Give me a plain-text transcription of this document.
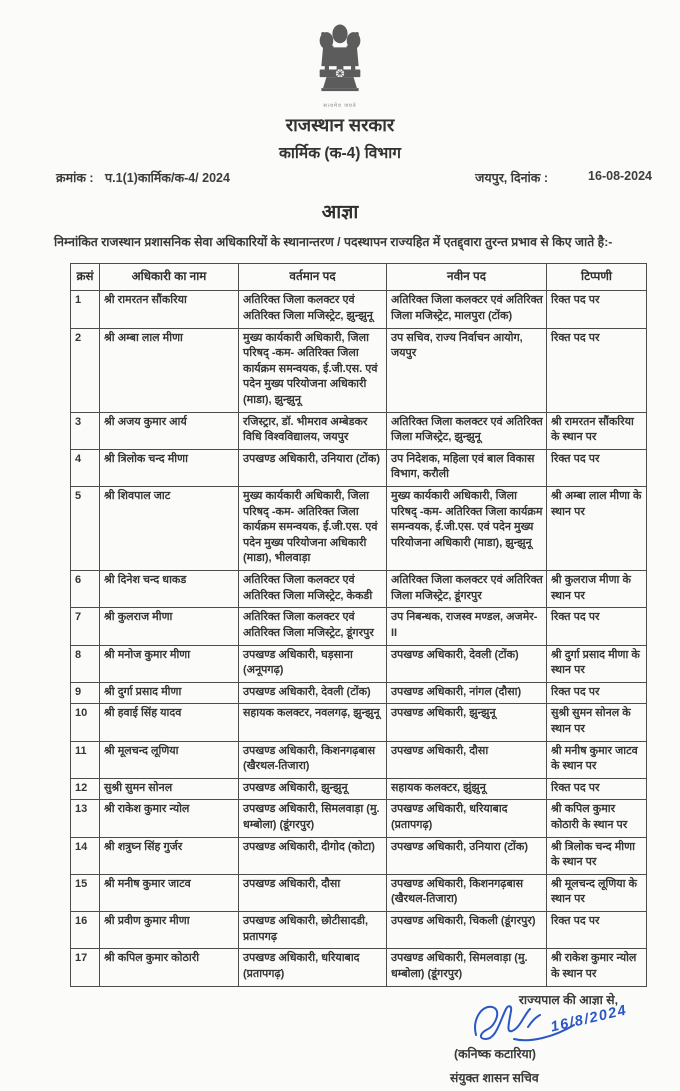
सत्यमेव जयते
राजस्थान सरकार
कार्मिक (क-4) विभाग
क्रमांक : प.1(1)कार्मिक/क-4/ 2024	जयपुर, दिनांक :	16-08-2024
आज्ञा
निम्नांकित राजस्थान प्रशासनिक सेवा अधिकारियों के स्थानान्तरण / पदस्थापन राज्यहित में एतद्द्वारा तुरन्त प्रभाव से किए जाते है:-
क्रसं	अधिकारी का नाम	वर्तमान पद	नवीन पद	टिप्पणी
1	श्री रामरतन सौंकरिया	अतिरिक्त जिला कलक्टर एवं अतिरिक्त जिला मजिस्ट्रेट, झुन्झुनू	अतिरिक्त जिला कलक्टर एवं अतिरिक्त जिला मजिस्ट्रेट, मालपुरा (टोंक)	रिक्त पद पर
2	श्री अम्बा लाल मीणा	मुख्य कार्यकारी अधिकारी, जिला परिषद् -कम- अतिरिक्त जिला कार्यक्रम समन्वयक, ई.जी.एस. एवं पदेन मुख्य परियोजना अधिकारी (माडा), झुन्झुनू	उप सचिव, राज्य निर्वाचन आयोग, जयपुर	रिक्त पद पर
3	श्री अजय कुमार आर्य	रजिस्ट्रार, डॉ. भीमराव अम्बेडकर विधि विश्वविद्यालय, जयपुर	अतिरिक्त जिला कलक्टर एवं अतिरिक्त जिला मजिस्ट्रेट, झुन्झुनू	श्री रामरतन सौंकरिया के स्थान पर
4	श्री त्रिलोक चन्द मीणा	उपखण्ड अधिकारी, उनियारा (टोंक)	उप निदेशक, महिला एवं बाल विकास विभाग, करौली	रिक्त पद पर
5	श्री शिवपाल जाट	मुख्य कार्यकारी अधिकारी, जिला परिषद् -कम- अतिरिक्त जिला कार्यक्रम समन्वयक, ई.जी.एस. एवं पदेन मुख्य परियोजना अधिकारी (माडा), भीलवाड़ा	मुख्य कार्यकारी अधिकारी, जिला परिषद् -कम- अतिरिक्त जिला कार्यक्रम समन्वयक, ई.जी.एस. एवं पदेन मुख्य परियोजना अधिकारी (माडा), झुन्झुनू	श्री अम्बा लाल मीणा के स्थान पर
6	श्री दिनेश चन्द धाकड	अतिरिक्त जिला कलक्टर एवं अतिरिक्त जिला मजिस्ट्रेट, केकडी	अतिरिक्त जिला कलक्टर एवं अतिरिक्त जिला मजिस्ट्रेट, डूंगरपुर	श्री कुलराज मीणा के स्थान पर
7	श्री कुलराज मीणा	अतिरिक्त जिला कलक्टर एवं अतिरिक्त जिला मजिस्ट्रेट, डूंगरपुर	उप निबन्धक, राजस्व मण्डल, अजमेर-II	रिक्त पद पर
8	श्री मनोज कुमार मीणा	उपखण्ड अधिकारी, घड़साना (अनूपगढ़)	उपखण्ड अधिकारी, देवली (टोंक)	श्री दुर्गा प्रसाद मीणा के स्थान पर
9	श्री दुर्गा प्रसाद मीणा	उपखण्ड अधिकारी, देवली (टोंक)	उपखण्ड अधिकारी, नांगल (दौसा)	रिक्त पद पर
10	श्री हवाई सिंह यादव	सहायक कलक्टर, नवलगढ़, झुन्झुनू	उपखण्ड अधिकारी, झुन्झुनू	सुश्री सुमन सोनल के स्थान पर
11	श्री मूलचन्द लूणिया	उपखण्ड अधिकारी, किशनगढ़बास (खैरथल-तिजारा)	उपखण्ड अधिकारी, दौसा	श्री मनीष कुमार जाटव के स्थान पर
12	सुश्री सुमन सोनल	उपखण्ड अधिकारी, झुन्झुनू	सहायक कलक्टर, झुंझुनू	रिक्त पद पर
13	श्री राकेश कुमार न्योल	उपखण्ड अधिकारी, सिमलवाड़ा (मु. धम्बोला) (डूंगरपुर)	उपखण्ड अधिकारी, धरियाबाद (प्रतापगढ़)	श्री कपिल कुमार कोठारी के स्थान पर
14	श्री शत्रुघ्न सिंह गुर्जर	उपखण्ड अधिकारी, दीगोद (कोटा)	उपखण्ड अधिकारी, उनियारा (टोंक)	श्री त्रिलोक चन्द मीणा के स्थान पर
15	श्री मनीष कुमार जाटव	उपखण्ड अधिकारी, दौसा	उपखण्ड अधिकारी, किशनगढ़बास (खैरथल-तिजारा)	श्री मूलचन्द लूणिया के स्थान पर
16	श्री प्रवीण कुमार मीणा	उपखण्ड अधिकारी, छोटीसादडी, प्रतापगढ़	उपखण्ड अधिकारी, चिकली (डूंगरपुर)	रिक्त पद पर
17	श्री कपिल कुमार कोठारी	उपखण्ड अधिकारी, धरियाबाद (प्रतापगढ़)	उपखण्ड अधिकारी, सिमलवाड़ा (मु. धम्बोला) (डूंगरपुर)	श्री राकेश कुमार न्योल के स्थान पर
राज्यपाल की आज्ञा से,
16/8/2024
(कनिष्क कटारिया)
संयुक्त शासन सचिव
